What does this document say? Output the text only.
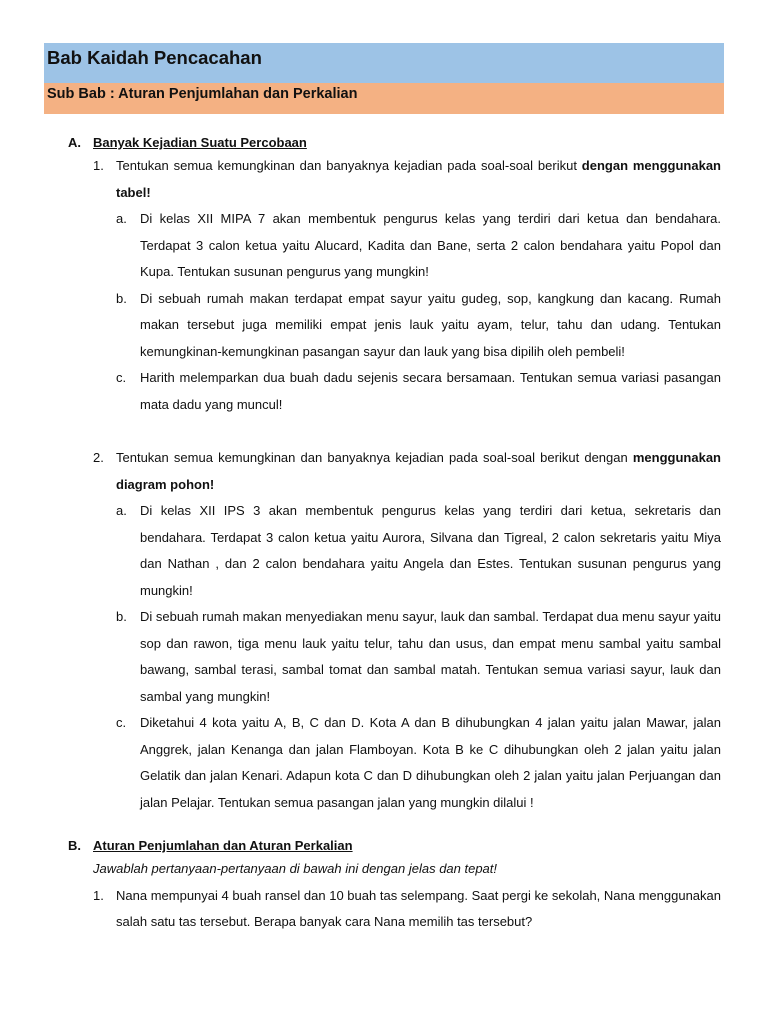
Bab Kaidah Pencacahan
Sub Bab : Aturan Penjumlahan dan Perkalian
A. Banyak Kejadian Suatu Percobaan
1. Tentukan semua kemungkinan dan banyaknya kejadian pada soal-soal berikut dengan menggunakan tabel!
a.	Di kelas XII MIPA 7 akan membentuk pengurus kelas yang terdiri dari ketua dan bendahara. Terdapat 3 calon ketua yaitu Alucard, Kadita dan Bane, serta 2 calon bendahara yaitu Popol dan Kupa. Tentukan susunan pengurus yang mungkin!
b.	Di sebuah rumah makan terdapat empat sayur yaitu gudeg, sop, kangkung dan kacang. Rumah makan tersebut juga memiliki empat jenis lauk yaitu ayam, telur, tahu dan udang. Tentukan kemungkinan-kemungkinan pasangan sayur dan lauk yang bisa dipilih oleh pembeli!
c.	Harith melemparkan dua buah dadu sejenis secara bersamaan. Tentukan semua variasi pasangan mata dadu yang muncul!
2. Tentukan semua kemungkinan dan banyaknya kejadian pada soal-soal berikut dengan menggunakan diagram pohon!
a.	Di kelas XII IPS 3 akan membentuk pengurus kelas yang terdiri dari ketua, sekretaris dan bendahara. Terdapat 3 calon ketua yaitu Aurora, Silvana dan Tigreal, 2 calon sekretaris yaitu Miya dan Nathan , dan 2 calon bendahara yaitu Angela dan Estes. Tentukan susunan pengurus yang mungkin!
b.	Di sebuah rumah makan menyediakan menu sayur, lauk dan sambal. Terdapat dua menu sayur yaitu sop dan rawon, tiga menu lauk yaitu telur, tahu dan usus, dan empat menu sambal yaitu sambal bawang, sambal terasi, sambal tomat dan sambal matah. Tentukan semua variasi sayur, lauk dan sambal yang mungkin!
c.	Diketahui 4 kota yaitu A, B, C dan D. Kota A dan B dihubungkan 4 jalan yaitu jalan Mawar, jalan Anggrek, jalan Kenanga dan jalan Flamboyan. Kota B ke C dihubungkan oleh 2 jalan yaitu jalan Gelatik dan jalan Kenari. Adapun kota C dan D dihubungkan oleh 2 jalan yaitu jalan Perjuangan dan jalan Pelajar. Tentukan semua pasangan jalan yang mungkin dilalui !
B. Aturan Penjumlahan dan Aturan Perkalian
Jawablah pertanyaan-pertanyaan di bawah ini dengan jelas dan tepat!
1. Nana mempunyai 4 buah ransel dan 10 buah tas selempang. Saat pergi ke sekolah, Nana menggunakan salah satu tas tersebut. Berapa banyak cara Nana memilih tas tersebut?
